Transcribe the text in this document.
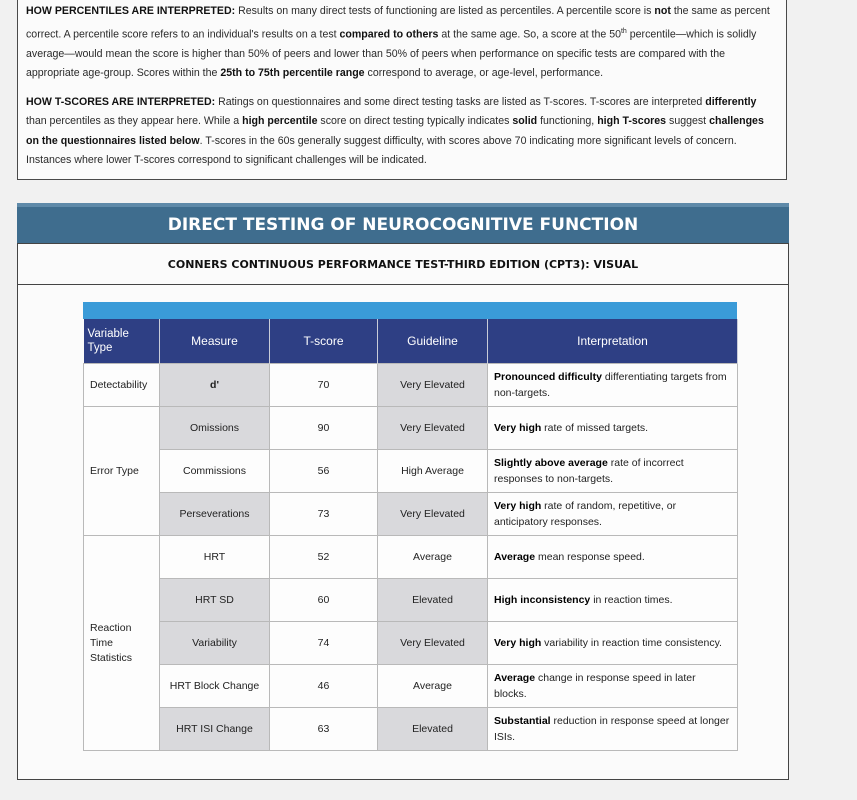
HOW PERCENTILES ARE INTERPRETED: Results on many direct tests of functioning are listed as percentiles. A percentile score is not the same as percent correct. A percentile score refers to an individual's results on a test compared to others at the same age. So, a score at the 50th percentile—which is solidly average—would mean the score is higher than 50% of peers and lower than 50% of peers when performance on specific tests are compared with the appropriate age-group. Scores within the 25th to 75th percentile range correspond to average, or age-level, performance.

HOW T-SCORES ARE INTERPRETED: Ratings on questionnaires and some direct testing tasks are listed as T-scores. T-scores are interpreted differently than percentiles as they appear here. While a high percentile score on direct testing typically indicates solid functioning, high T-scores suggest challenges on the questionnaires listed below. T-scores in the 60s generally suggest difficulty, with scores above 70 indicating more significant levels of concern. Instances where lower T-scores correspond to significant challenges will be indicated.

DIRECT TESTING OF NEUROCOGNITIVE FUNCTION
CONNERS CONTINUOUS PERFORMANCE TEST-THIRD EDITION (CPT3): VISUAL
Variable Type	Measure	T-score	Guideline	Interpretation
Detectability	d'	70	Very Elevated	Pronounced difficulty differentiating targets from non-targets.
Error Type	Omissions	90	Very Elevated	Very high rate of missed targets.
	Commissions	56	High Average	Slightly above average rate of incorrect responses to non-targets.
	Perseverations	73	Very Elevated	Very high rate of random, repetitive, or anticipatory responses.
Reaction Time Statistics	HRT	52	Average	Average mean response speed.
	HRT SD	60	Elevated	High inconsistency in reaction times.
	Variability	74	Very Elevated	Very high variability in reaction time consistency.
	HRT Block Change	46	Average	Average change in response speed in later blocks.
	HRT ISI Change	63	Elevated	Substantial reduction in response speed at longer ISIs.
